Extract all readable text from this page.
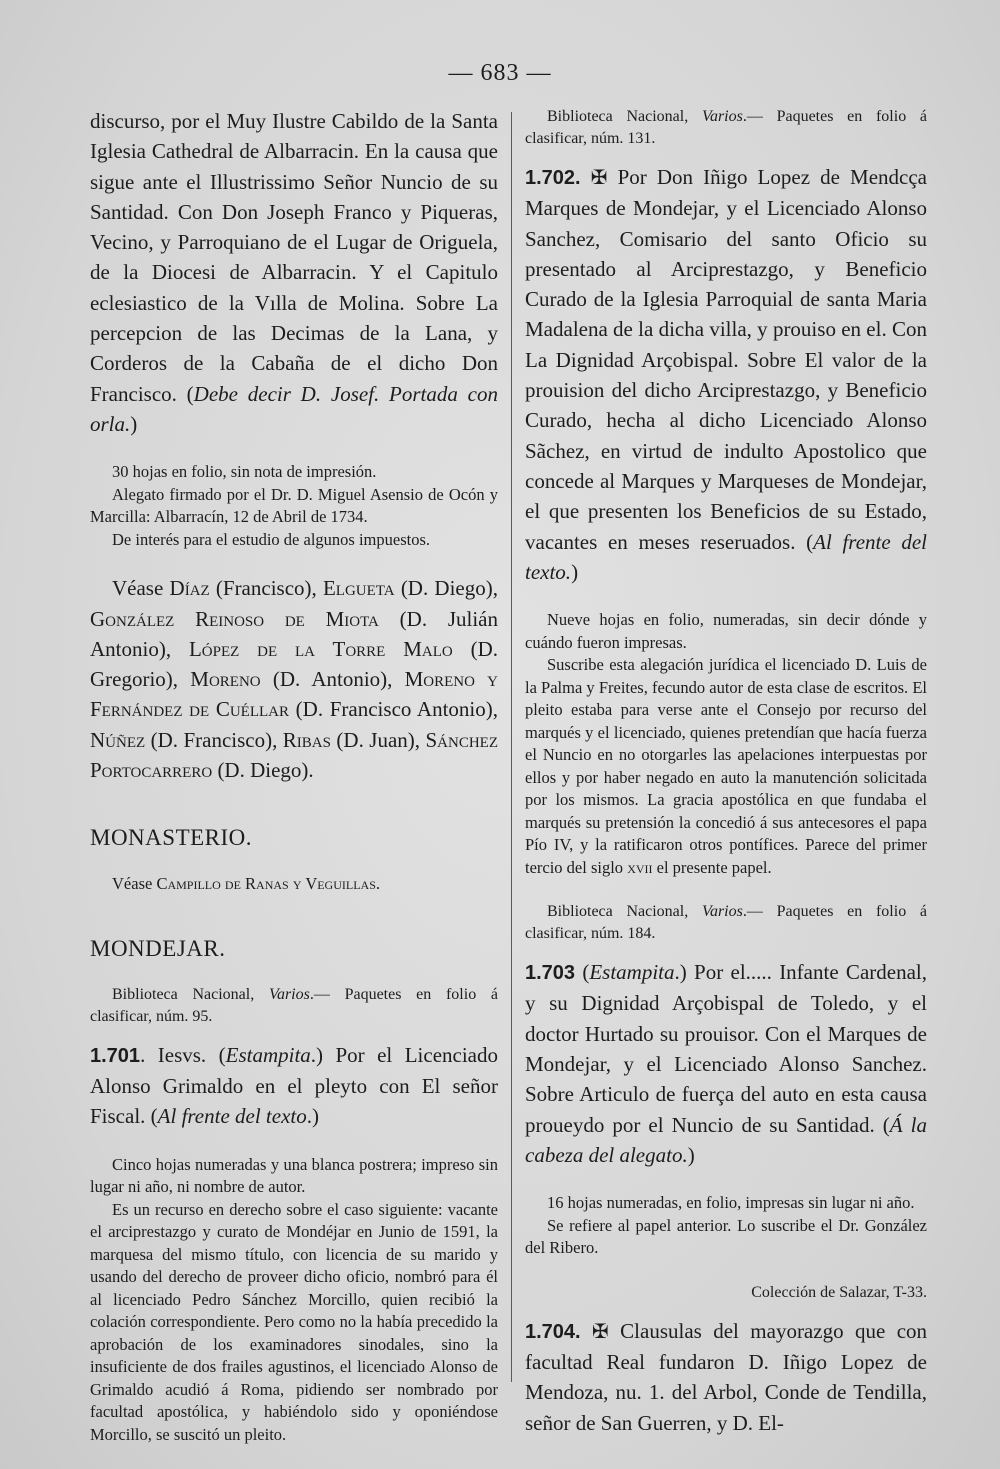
— 683 —

discurso, por el Muy Ilustre Cabildo de la Santa Iglesia Cathedral de Albarracin. En la causa que sigue ante el Illustrissimo Señor Nuncio de su Santidad. Con Don Joseph Franco y Piqueras, Vecino, y Parroquiano de el Lugar de Origuela, de la Diocesi de Albarracin. Y el Capitulo eclesiastico de la Vılla de Molina. Sobre La percepcion de las Decimas de la Lana, y Corderos de la Cabaña de el dicho Don Francisco. (Debe decir D. Josef. Portada con orla.)

30 hojas en folio, sin nota de impresión.

Alegato firmado por el Dr. D. Miguel Asensio de Ocón y Marcilla: Albarracín, 12 de Abril de 1734.

De interés para el estudio de algunos impuestos.

Véase Díaz (Francisco), Elgueta (D. Diego), González Reinoso de Miota (D. Julián Antonio), López de la Torre Malo (D. Gregorio), Moreno (D. Antonio), Moreno y Fernández de Cuéllar (D. Francisco Antonio), Núñez (D. Francisco), Ribas (D. Juan), Sánchez Portocarrero (D. Diego).

MONASTERIO.

Véase Campillo de Ranas y Veguillas.

MONDEJAR.

Biblioteca Nacional, Varios.— Paquetes en folio á clasificar, núm. 95.

1.701. Iesvs. (Estampita.) Por el Licenciado Alonso Grimaldo en el pleyto con El señor Fiscal. (Al frente del texto.)

Cinco hojas numeradas y una blanca postrera; impreso sin lugar ni año, ni nombre de autor.

Es un recurso en derecho sobre el caso siguiente: vacante el arciprestazgo y curato de Mondéjar en Junio de 1591, la marquesa del mismo título, con licencia de su marido y usando del derecho de proveer dicho oficio, nombró para él al licenciado Pedro Sánchez Morcillo, quien recibió la colación correspondiente. Pero como no la había precedido la aprobación de los examinadores sinodales, sino la insuficiente de dos frailes agustinos, el licenciado Alonso de Grimaldo acudió á Roma, pidiendo ser nombrado por facultad apostólica, y habiéndolo sido y oponiéndose Morcillo, se suscitó un pleito.

Biblioteca Nacional, Varios.— Paquetes en folio á clasificar, núm. 131.

1.702. ✠ Por Don Iñigo Lopez de Mendcça Marques de Mondejar, y el Licenciado Alonso Sanchez, Comisario del santo Oficio su presentado al Arciprestazgo, y Beneficio Curado de la Iglesia Parroquial de santa Maria Madalena de la dicha villa, y prouiso en el. Con La Dignidad Arçobispal. Sobre El valor de la prouision del dicho Arciprestazgo, y Beneficio Curado, hecha al dicho Licenciado Alonso Sãchez, en virtud de indulto Apostolico que concede al Marques y Marqueses de Mondejar, el que presenten los Beneficios de su Estado, vacantes en meses reseruados. (Al frente del texto.)

Nueve hojas en folio, numeradas, sin decir dónde y cuándo fueron impresas.

Suscribe esta alegación jurídica el licenciado D. Luis de la Palma y Freites, fecundo autor de esta clase de escritos. El pleito estaba para verse ante el Consejo por recurso del marqués y el licenciado, quienes pretendían que hacía fuerza el Nuncio en no otorgarles las apelaciones interpuestas por ellos y por haber negado en auto la manutención solicitada por los mismos. La gracia apostólica en que fundaba el marqués su pretensión la concedió á sus antecesores el papa Pío IV, y la ratificaron otros pontífices. Parece del primer tercio del siglo xvii el presente papel.

Biblioteca Nacional, Varios.— Paquetes en folio á clasificar, núm. 184.

1.703 (Estampita.) Por el..... Infante Cardenal, y su Dignidad Arçobispal de Toledo, y el doctor Hurtado su prouisor. Con el Marques de Mondejar, y el Licenciado Alonso Sanchez. Sobre Articulo de fuerça del auto en esta causa proueydo por el Nuncio de su Santidad. (Á la cabeza del alegato.)

16 hojas numeradas, en folio, impresas sin lugar ni año.

Se refiere al papel anterior. Lo suscribe el Dr. González del Ribero.

Colección de Salazar, T-33.

1.704. ✠ Clausulas del mayorazgo que con facultad Real fundaron D. Iñigo Lopez de Mendoza, nu. 1. del Arbol, Conde de Tendilla, señor de San Guerren, y D. El-
